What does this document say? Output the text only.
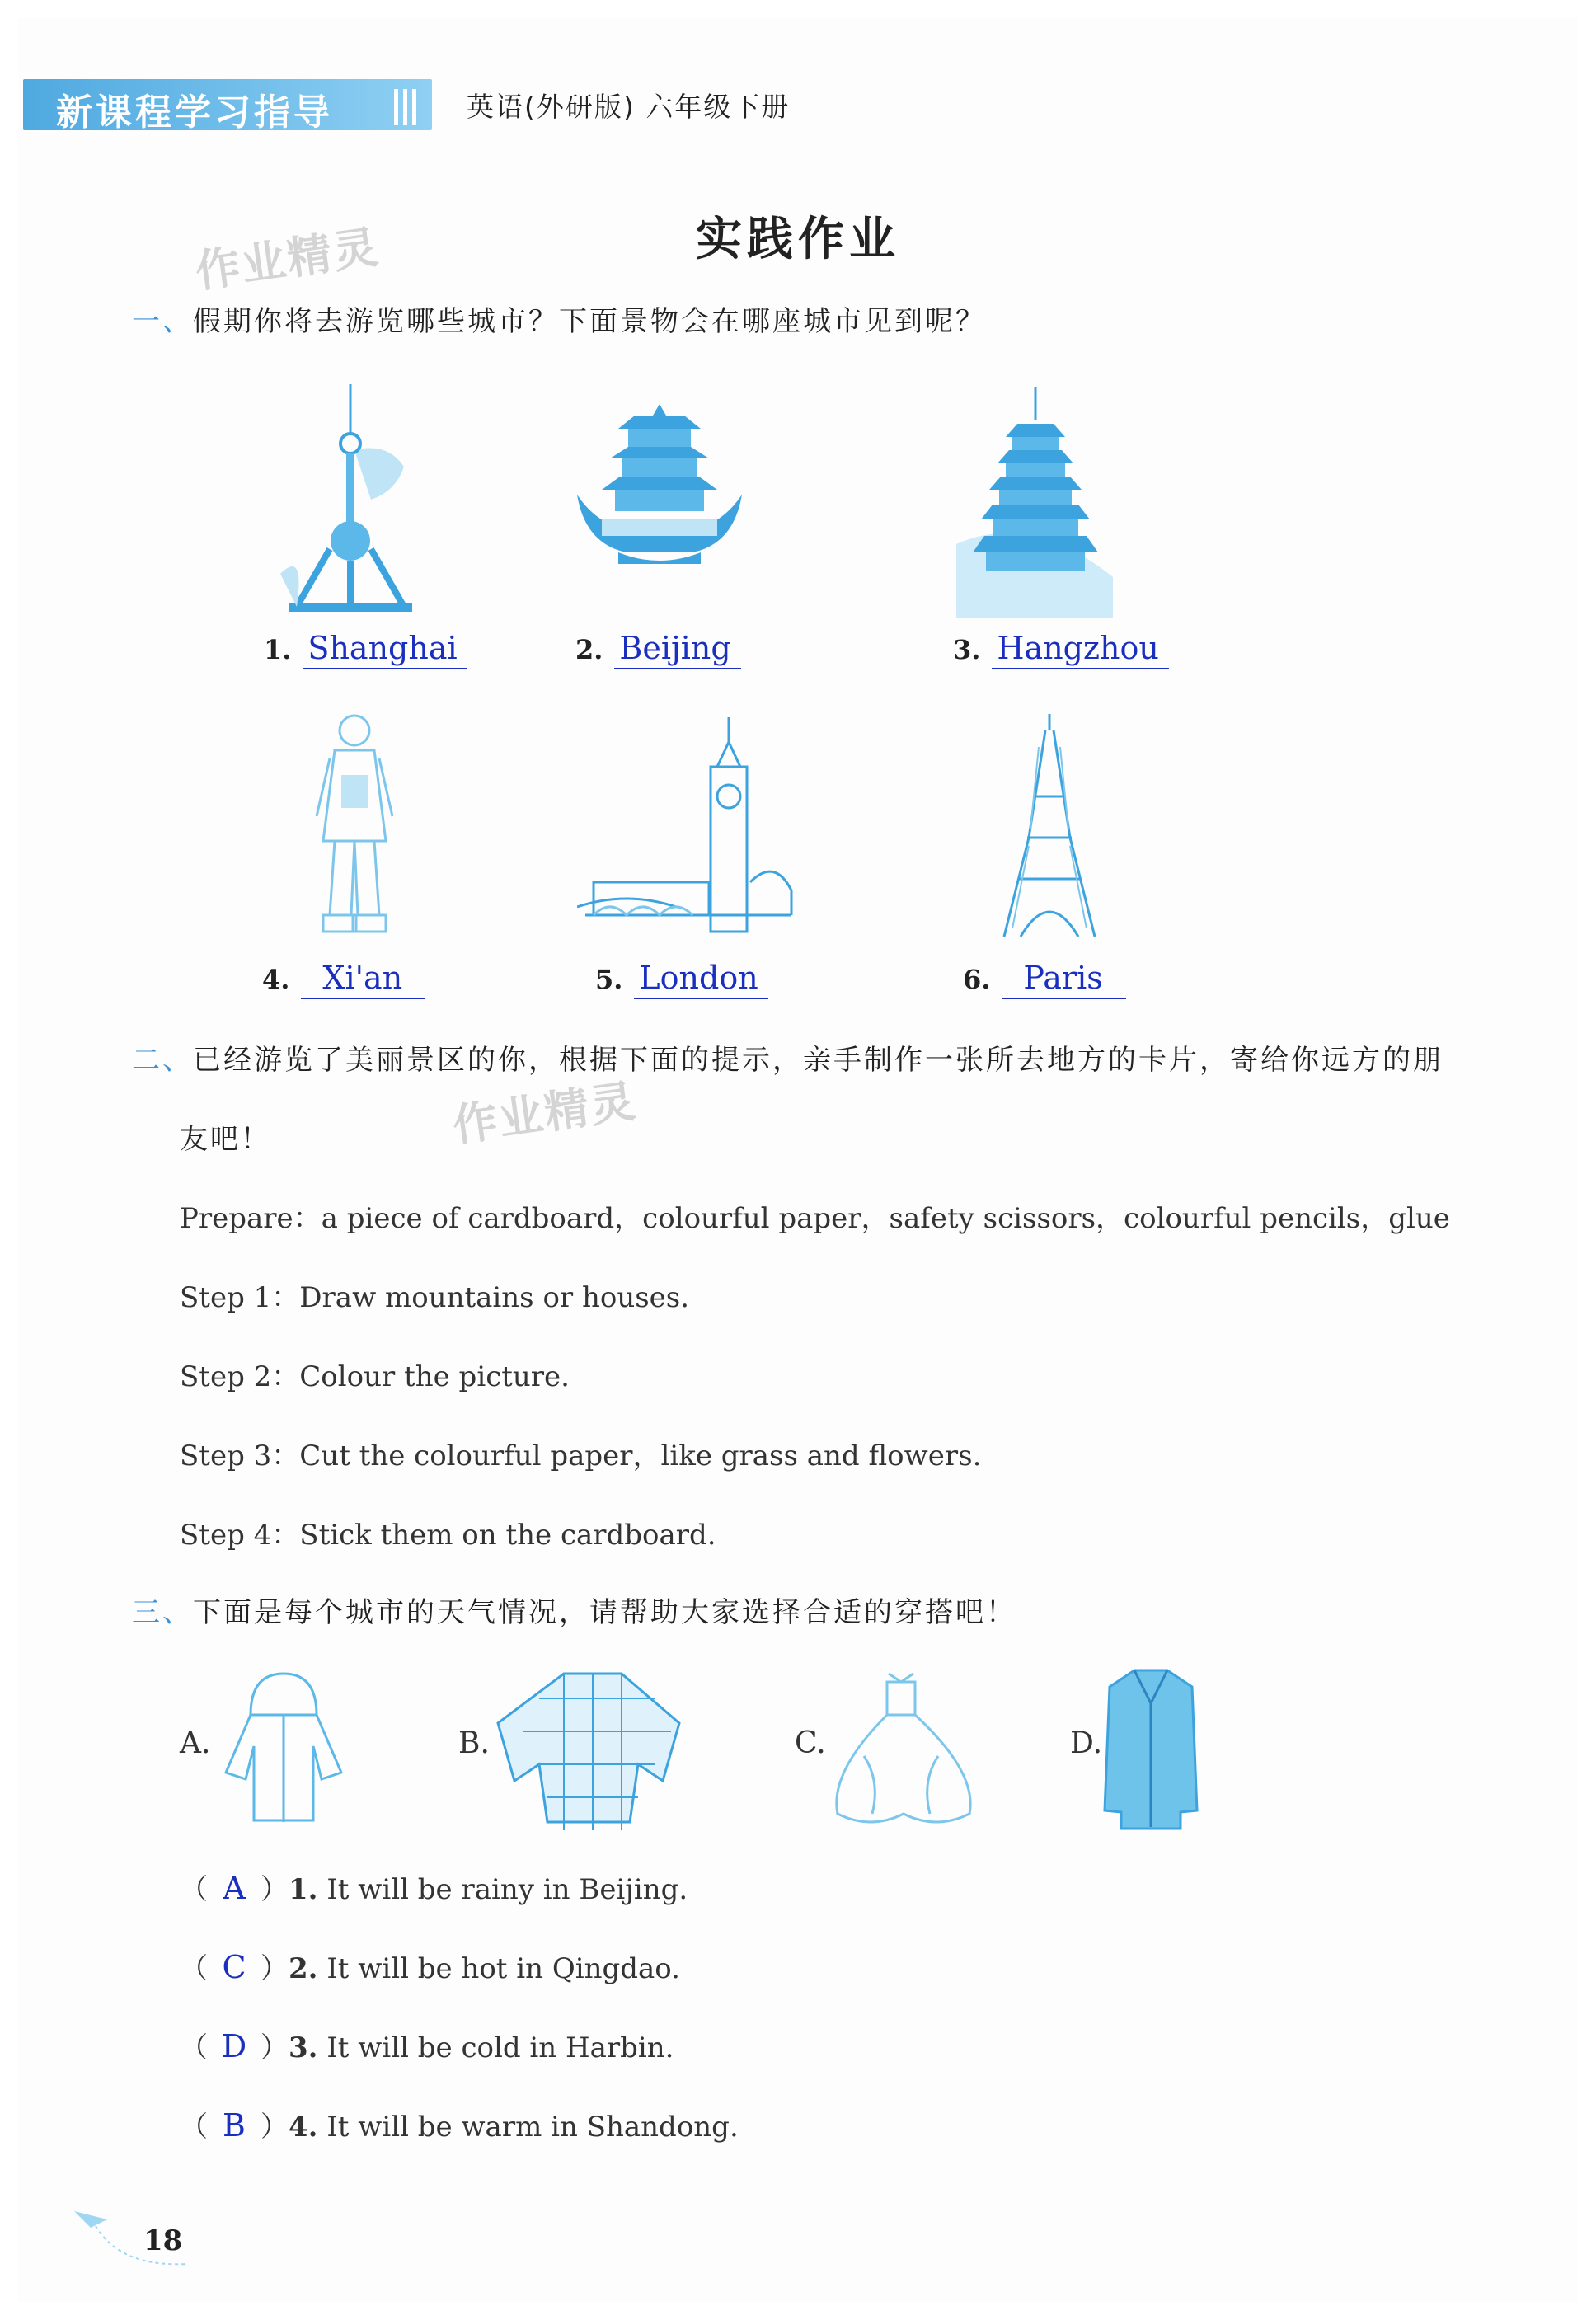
新课程学习指导	英语(外研版) 六年级下册
实践作业
作业精灵
作业精灵
一、假期你将去游览哪些城市？下面景物会在哪座城市见到呢？
1. Shanghai	2. Beijing	3. Hangzhou
4. Xi'an	5. London	6. Paris
二、已经游览了美丽景区的你，根据下面的提示，亲手制作一张所去地方的卡片，寄给你远方的朋
友吧！
Prepare：a piece of cardboard，colourful paper，safety scissors，colourful pencils，glue
Step 1：Draw mountains or houses.
Step 2：Colour the picture.
Step 3：Cut the colourful paper，like grass and flowers.
Step 4：Stick them on the cardboard.
三、下面是每个城市的天气情况，请帮助大家选择合适的穿搭吧！
A.	B.	C.	D.
（ A ）1. It will be rainy in Beijing.
（ C ）2. It will be hot in Qingdao.
（ D ）3. It will be cold in Harbin.
（ B ）4. It will be warm in Shandong.
18
